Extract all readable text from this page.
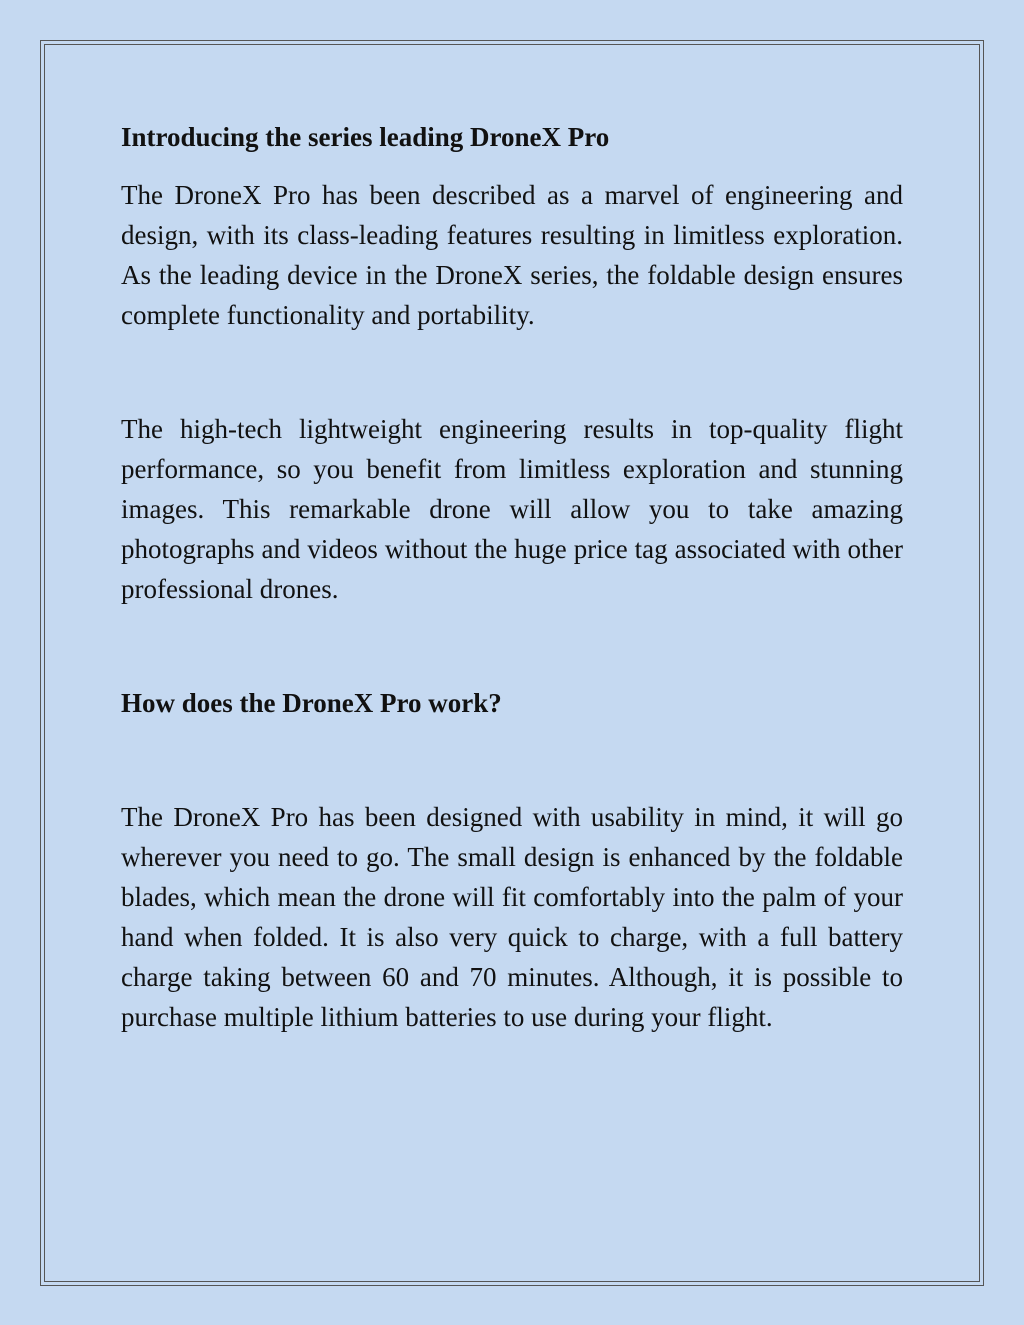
Introducing the series leading DroneX Pro

The DroneX Pro has been described as a marvel of engineering and design, with its class-leading features resulting in limitless exploration. As the leading device in the DroneX series, the foldable design ensures complete functionality and portability.

The high-tech lightweight engineering results in top-quality flight performance, so you benefit from limitless exploration and stunning images. This remarkable drone will allow you to take amazing photographs and videos without the huge price tag associated with other professional drones.

How does the DroneX Pro work?

The DroneX Pro has been designed with usability in mind, it will go wherever you need to go. The small design is enhanced by the foldable blades, which mean the drone will fit comfortably into the palm of your hand when folded. It is also very quick to charge, with a full battery charge taking between 60 and 70 minutes. Although, it is possible to purchase multiple lithium batteries to use during your flight.
